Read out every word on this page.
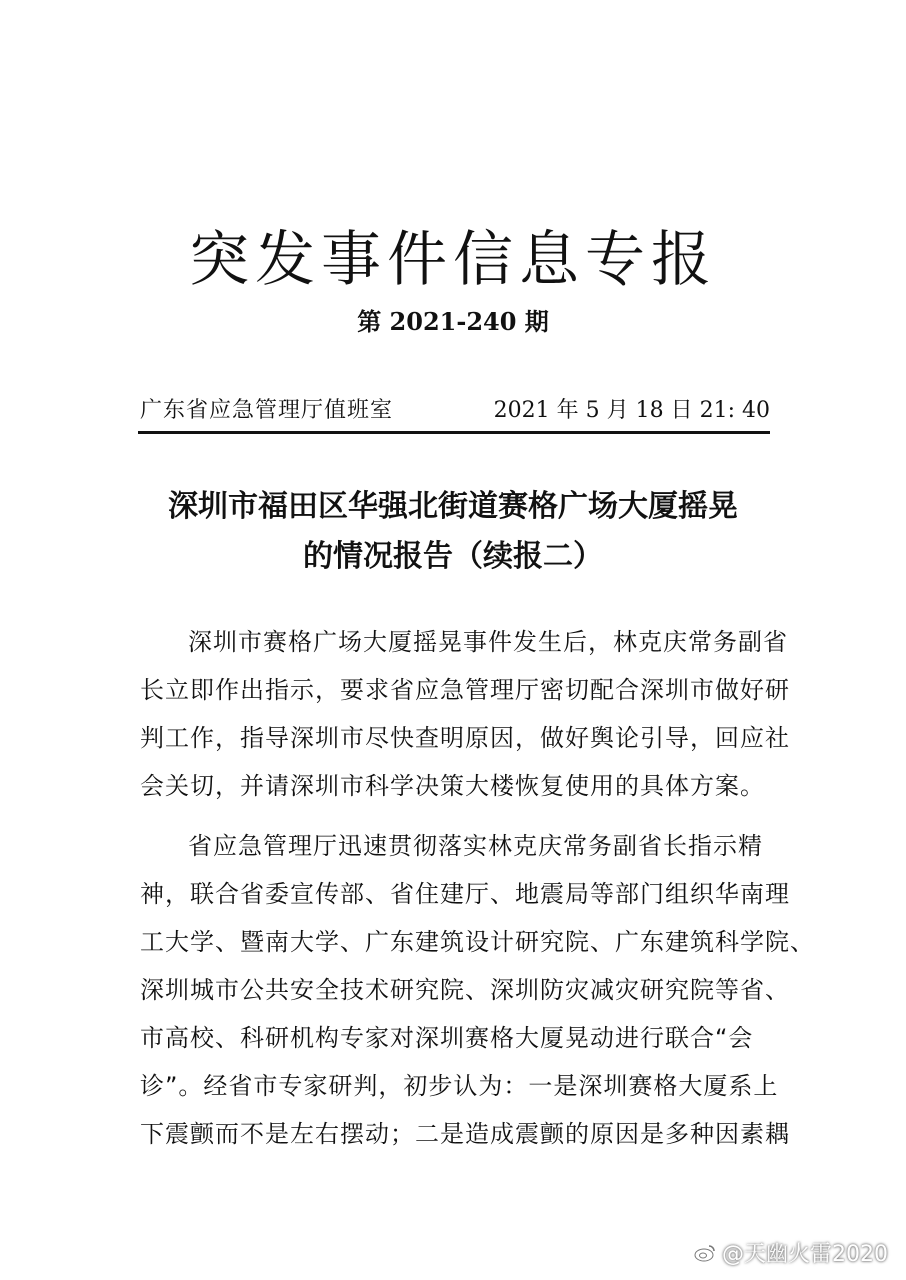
突发事件信息专报
第 2021-240 期
广东省应急管理厅值班室	2021 年 5 月 18 日 21: 40
深圳市福田区华强北街道赛格广场大厦摇晃
的情况报告（续报二）
深圳市赛格广场大厦摇晃事件发生后，林克庆常务副省
长立即作出指示，要求省应急管理厅密切配合深圳市做好研
判工作，指导深圳市尽快查明原因，做好舆论引导，回应社
会关切，并请深圳市科学决策大楼恢复使用的具体方案。
省应急管理厅迅速贯彻落实林克庆常务副省长指示精
神，联合省委宣传部、省住建厅、地震局等部门组织华南理
工大学、暨南大学、广东建筑设计研究院、广东建筑科学院、
深圳城市公共安全技术研究院、深圳防灾减灾研究院等省、
市高校、科研机构专家对深圳赛格大厦晃动进行联合“会
诊”。经省市专家研判，初步认为：一是深圳赛格大厦系上
下震颤而不是左右摆动；二是造成震颤的原因是多种因素耦
@天幽火雷2020
